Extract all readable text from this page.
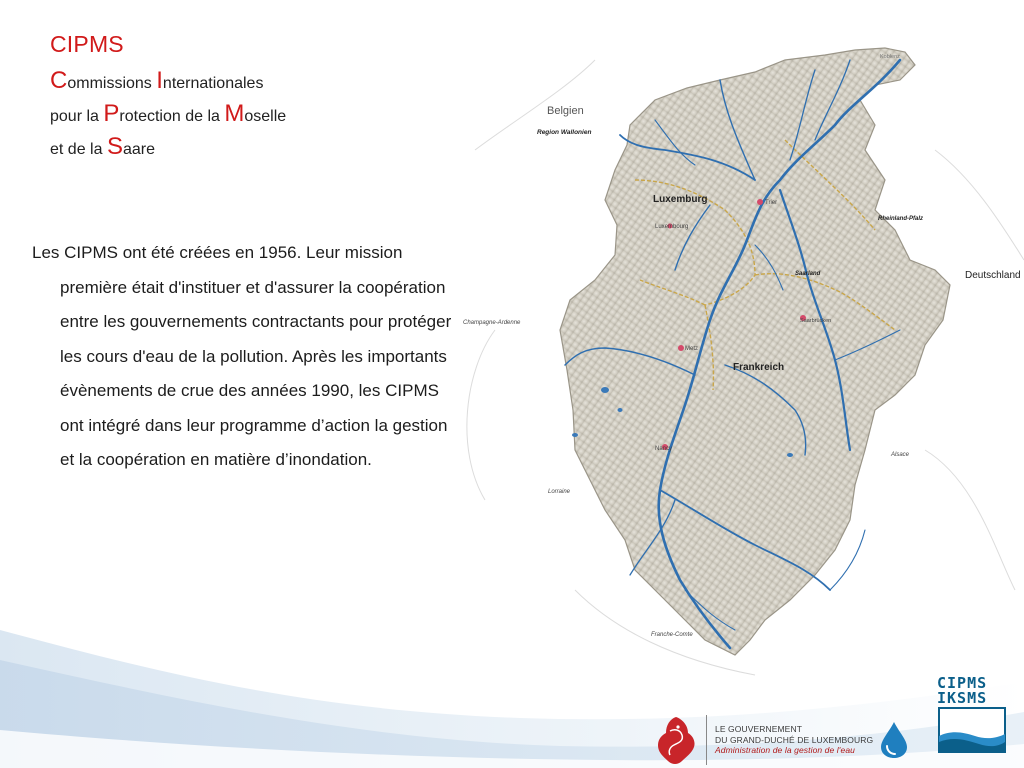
CIPMS
Commissions Internationales
pour la Protection de la Moselle
et de la Saare
Les CIPMS ont été créées en 1956. Leur mission première était d'instituer et d'assurer la coopération entre les gouvernements contractants pour protéger les cours d'eau de la pollution. Après les importants évènements de crue des années 1990, les CIPMS ont intégré dans leur programme d’action la gestion et la coopération en matière d’inondation.
Belgien
Region Wallonien
Luxemburg
Luxembourg
Trier
Koblenz
Rheinland-Pfalz
Deutschland
Saarland
Saarbrücken
Champagne-Ardenne
Metz
Frankreich
Nancy
Alsace
Lorraine
Franche-Comte
LE GOUVERNEMENT
DU GRAND-DUCHÉ DE LUXEMBOURG
Administration de la gestion de l'eau
CIPMS
IKSMS
